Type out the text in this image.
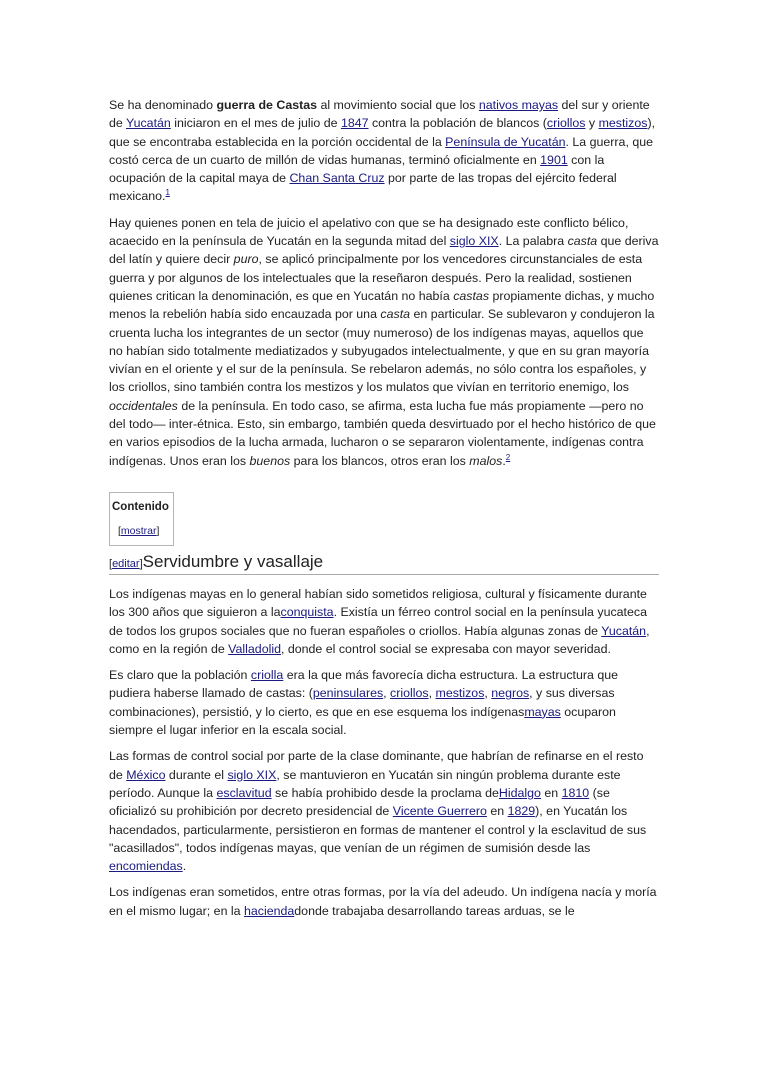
Se ha denominado guerra de Castas al movimiento social que los nativos mayas del sur y oriente de Yucatán iniciaron en el mes de julio de 1847 contra la población de blancos (criollos y mestizos), que se encontraba establecida en la porción occidental de la Península de Yucatán. La guerra, que costó cerca de un cuarto de millón de vidas humanas, terminó oficialmente en 1901 con la ocupación de la capital maya de Chan Santa Cruz por parte de las tropas del ejército federal mexicano.$^1$

Hay quienes ponen en tela de juicio el apelativo con que se ha designado este conflicto bélico, acaecido en la península de Yucatán en la segunda mitad del siglo XIX. La palabra casta que deriva del latín y quiere decir puro, se aplicó principalmente por los vencedores circunstanciales de esta guerra y por algunos de los intelectuales que la reseñaron después. Pero la realidad, sostienen quienes critican la denominación, es que en Yucatán no había castas propiamente dichas, y mucho menos la rebelión había sido encauzada por una casta en particular. Se sublevaron y condujeron la cruenta lucha los integrantes de un sector (muy numeroso) de los indígenas mayas, aquellos que no habían sido totalmente mediatizados y subyugados intelectualmente, y que en su gran mayoría vivían en el oriente y el sur de la península. Se rebelaron además, no sólo contra los españoles, y los criollos, sino también contra los mestizos y los mulatos que vivían en territorio enemigo, los occidentales de la península. En todo caso, se afirma, esta lucha fue más propiamente —pero no del todo— inter-étnica. Esto, sin embargo, también queda desvirtuado por el hecho histórico de que en varios episodios de la lucha armada, lucharon o se separaron violentamente, indígenas contra indígenas. Unos eran los buenos para los blancos, otros eran los malos.$^2$

Contenido
[mostrar]
[editar]Servidumbre y vasallaje

Los indígenas mayas en lo general habían sido sometidos religiosa, cultural y físicamente durante los 300 años que siguieron a laconquista. Existía un férreo control social en la península yucateca de todos los grupos sociales que no fueran españoles o criollos. Había algunas zonas de Yucatán, como en la región de Valladolid, donde el control social se expresaba con mayor severidad.

Es claro que la población criolla era la que más favorecía dicha estructura. La estructura que pudiera haberse llamado de castas: (peninsulares, criollos, mestizos, negros, y sus diversas combinaciones), persistió, y lo cierto, es que en ese esquema los indígenasmayas ocuparon siempre el lugar inferior en la escala social.

Las formas de control social por parte de la clase dominante, que habrían de refinarse en el resto de México durante el siglo XIX, se mantuvieron en Yucatán sin ningún problema durante este período. Aunque la esclavitud se había prohibido desde la proclama deHidalgo en 1810 (se oficializó su prohibición por decreto presidencial de Vicente Guerrero en 1829), en Yucatán los hacendados, particularmente, persistieron en formas de mantener el control y la esclavitud de sus "acasillados", todos indígenas mayas, que venían de un régimen de sumisión desde las encomiendas.

Los indígenas eran sometidos, entre otras formas, por la vía del adeudo. Un indígena nacía y moría en el mismo lugar; en la haciendadonde trabajaba desarrollando tareas arduas, se le
